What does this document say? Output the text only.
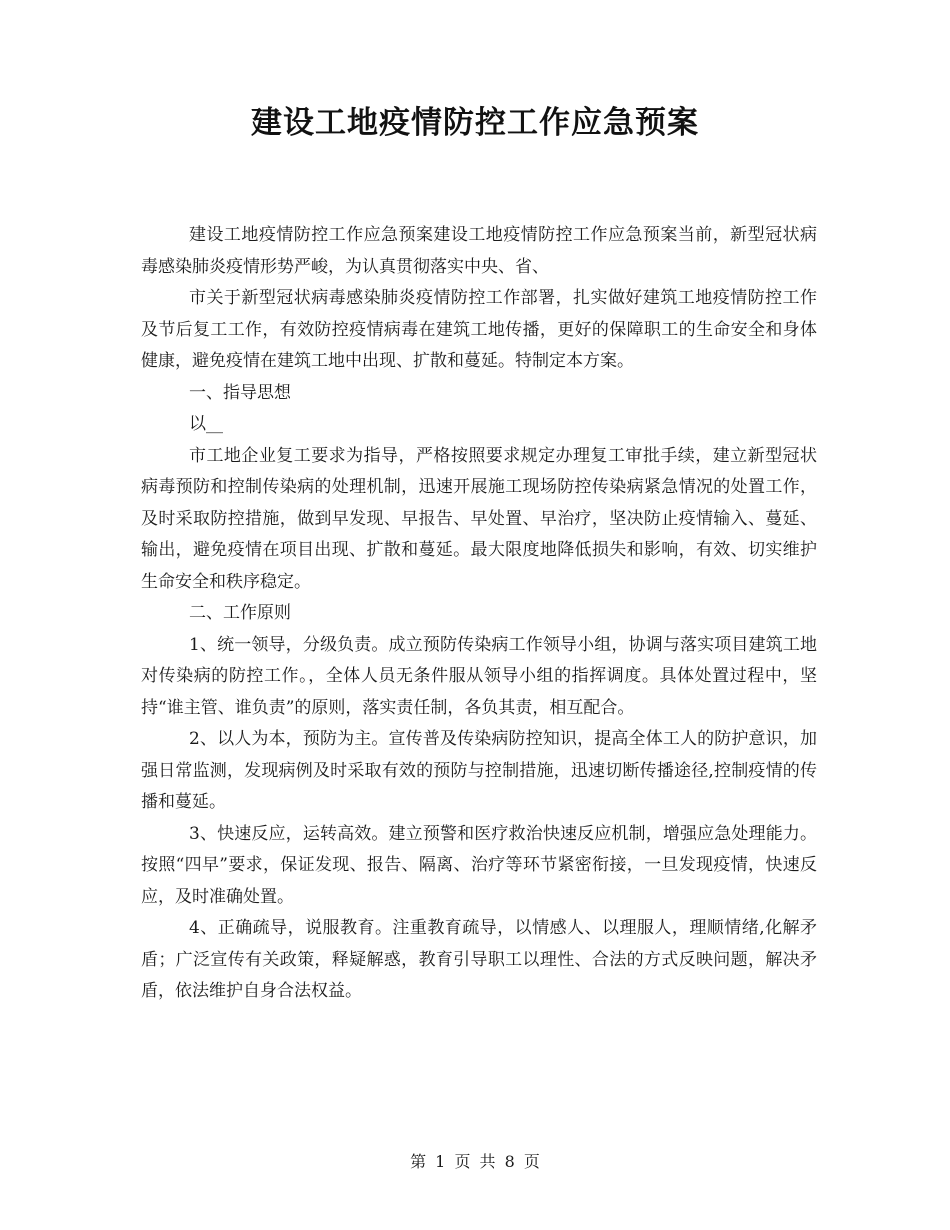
建设工地疫情防控工作应急预案

建设工地疫情防控工作应急预案建设工地疫情防控工作应急预案当前，新型冠状病毒感染肺炎疫情形势严峻，为认真贯彻落实中央、省、

市关于新型冠状病毒感染肺炎疫情防控工作部署，扎实做好建筑工地疫情防控工作及节后复工工作，有效防控疫情病毒在建筑工地传播，更好的保障职工的生命安全和身体健康，避免疫情在建筑工地中出现、扩散和蔓延。特制定本方案。

一、指导思想

以__

市工地企业复工要求为指导，严格按照要求规定办理复工审批手续，建立新型冠状病毒预防和控制传染病的处理机制，迅速开展施工现场防控传染病紧急情况的处置工作，及时采取防控措施，做到早发现、早报告、早处置、早治疗，坚决防止疫情输入、蔓延、输出，避免疫情在项目出现、扩散和蔓延。最大限度地降低损失和影响，有效、切实维护生命安全和秩序稳定。

二、工作原则

1、统一领导，分级负责。成立预防传染病工作领导小组，协调与落实项目建筑工地对传染病的防控工作。，全体人员无条件服从领导小组的指挥调度。具体处置过程中，坚持“谁主管、谁负责”的原则，落实责任制，各负其责，相互配合。

2、以人为本，预防为主。宣传普及传染病防控知识，提高全体工人的防护意识，加强日常监测，发现病例及时采取有效的预防与控制措施，迅速切断传播途径,控制疫情的传播和蔓延。

3、快速反应，运转高效。建立预警和医疗救治快速反应机制，增强应急处理能力。按照“四早”要求，保证发现、报告、隔离、治疗等环节紧密衔接，一旦发现疫情，快速反应，及时准确处置。

4、正确疏导，说服教育。注重教育疏导，以情感人、以理服人，理顺情绪,化解矛盾；广泛宣传有关政策，释疑解惑，教育引导职工以理性、合法的方式反映问题，解决矛盾，依法维护自身合法权益。

第 1 页 共 8 页
